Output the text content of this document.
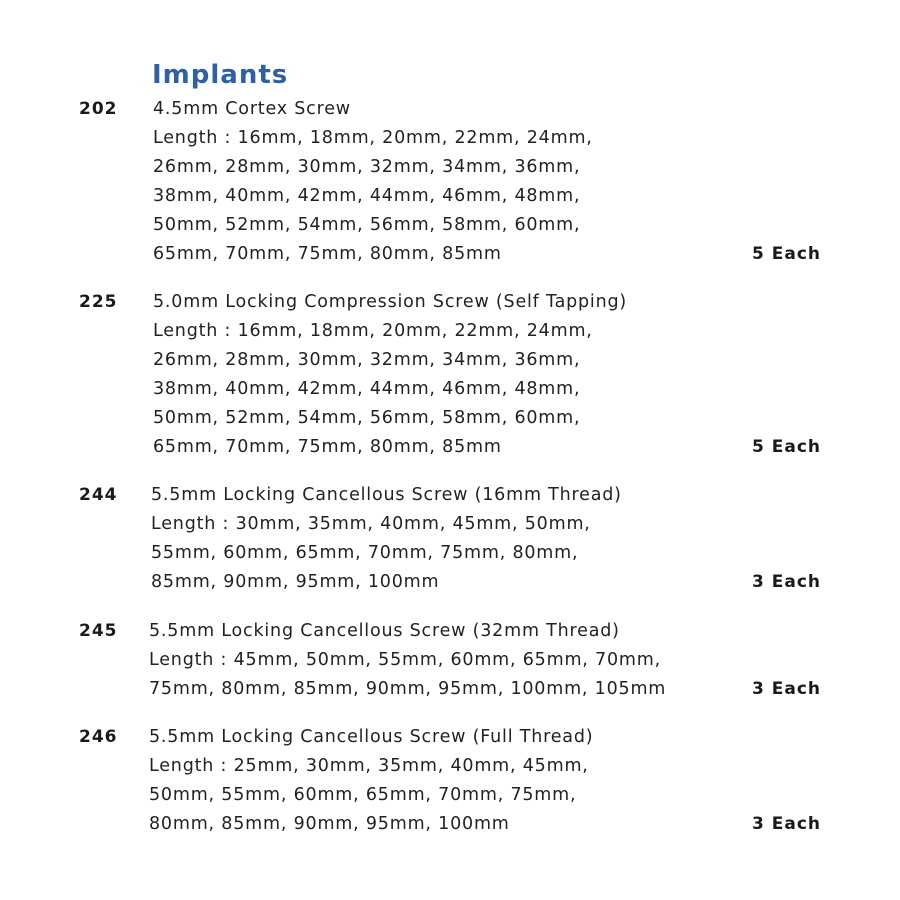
Implants
202 4.5mm Cortex Screw
Length : 16mm, 18mm, 20mm, 22mm, 24mm,
26mm, 28mm, 30mm, 32mm, 34mm, 36mm,
38mm, 40mm, 42mm, 44mm, 46mm, 48mm,
50mm, 52mm, 54mm, 56mm, 58mm, 60mm,
65mm, 70mm, 75mm, 80mm, 85mm	5 Each
225 5.0mm Locking Compression Screw (Self Tapping)
Length : 16mm, 18mm, 20mm, 22mm, 24mm,
26mm, 28mm, 30mm, 32mm, 34mm, 36mm,
38mm, 40mm, 42mm, 44mm, 46mm, 48mm,
50mm, 52mm, 54mm, 56mm, 58mm, 60mm,
65mm, 70mm, 75mm, 80mm, 85mm	5 Each
244 5.5mm Locking Cancellous Screw (16mm Thread)
Length : 30mm, 35mm, 40mm, 45mm, 50mm,
55mm, 60mm, 65mm, 70mm, 75mm, 80mm,
85mm, 90mm, 95mm, 100mm	3 Each
245 5.5mm Locking Cancellous Screw (32mm Thread)
Length : 45mm, 50mm, 55mm, 60mm, 65mm, 70mm,
75mm, 80mm, 85mm, 90mm, 95mm, 100mm, 105mm	3 Each
246 5.5mm Locking Cancellous Screw (Full Thread)
Length : 25mm, 30mm, 35mm, 40mm, 45mm,
50mm, 55mm, 60mm, 65mm, 70mm, 75mm,
80mm, 85mm, 90mm, 95mm, 100mm	3 Each
